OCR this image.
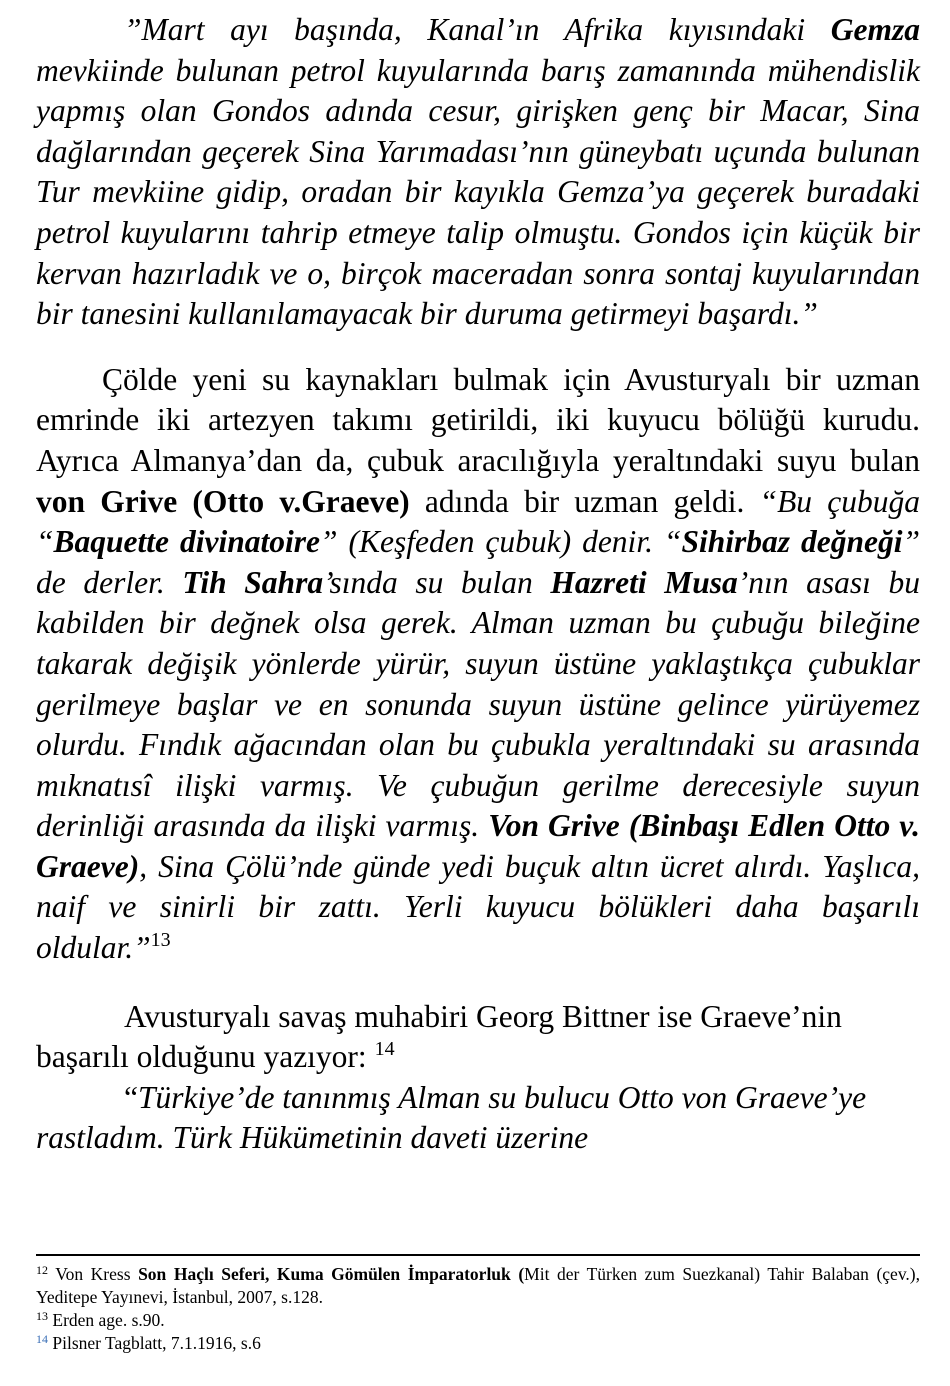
”Mart ayı başında, Kanal’ın Afrika kıyısındaki Gemza mevkiinde bulunan petrol kuyularında barış zamanında mühendislik yapmış olan Gondos adında cesur, girişken genç bir Macar, Sina dağlarından geçerek Sina Yarımadası’nın güneybatı uçunda bulunan Tur mevkiine gidip, oradan bir kayıkla Gemza’ya geçerek buradaki petrol kuyularını tahrip etmeye talip olmuştu. Gondos için küçük bir kervan hazırladık ve o, birçok maceradan sonra sontaj kuyularından bir tanesini kullanılamayacak bir duruma getirmeyi başardı.”

Çölde yeni su kaynakları bulmak için Avusturyalı bir uzman emrinde iki artezyen takımı getirildi, iki kuyucu bölüğü kurudu. Ayrıca Almanya’dan da, çubuk aracılığıyla yeraltındaki suyu bulan von Grive (Otto v.Graeve) adında bir uzman geldi. “Bu çubuğa “Baquette divinatoire” (Keşfeden çubuk) denir. “Sihirbaz değneği” de derler. Tih Sahra’sında su bulan Hazreti Musa’nın asası bu kabilden bir değnek olsa gerek. Alman uzman bu çubuğu bileğine takarak değişik yönlerde yürür, suyun üstüne yaklaştıkça çubuklar gerilmeye başlar ve en sonunda suyun üstüne gelince yürüyemez olurdu. Fındık ağacından olan bu çubukla yeraltındaki su arasında mıknatısî ilişki varmış. Ve çubuğun gerilme derecesiyle suyun derinliği arasında da ilişki varmış. Von Grive (Binbaşı Edlen Otto v. Graeve), Sina Çölü’nde günde yedi buçuk altın ücret alırdı. Yaşlıca, naif ve sinirli bir zattı. Yerli kuyucu bölükleri daha başarılı oldular.”$^{13}$

Avusturyalı savaş muhabiri Georg Bittner ise Graeve’nin başarılı olduğunu yazıyor: $^{14}$

“Türkiye’de tanınmış Alman su bulucu Otto von Graeve’ye rastladım. Türk Hükümetinin daveti üzerine

$^{12}$ Von Kress Son Haçlı Seferi, Kuma Gömülen İmparatorluk (Mit der Türken zum Suezkanal) Tahir Balaban (çev.), Yeditepe Yayınevi, İstanbul, 2007, s.128.

$^{13}$ Erden age. s.90.

$^{14}$ Pilsner Tagblatt, 7.1.1916, s.6
